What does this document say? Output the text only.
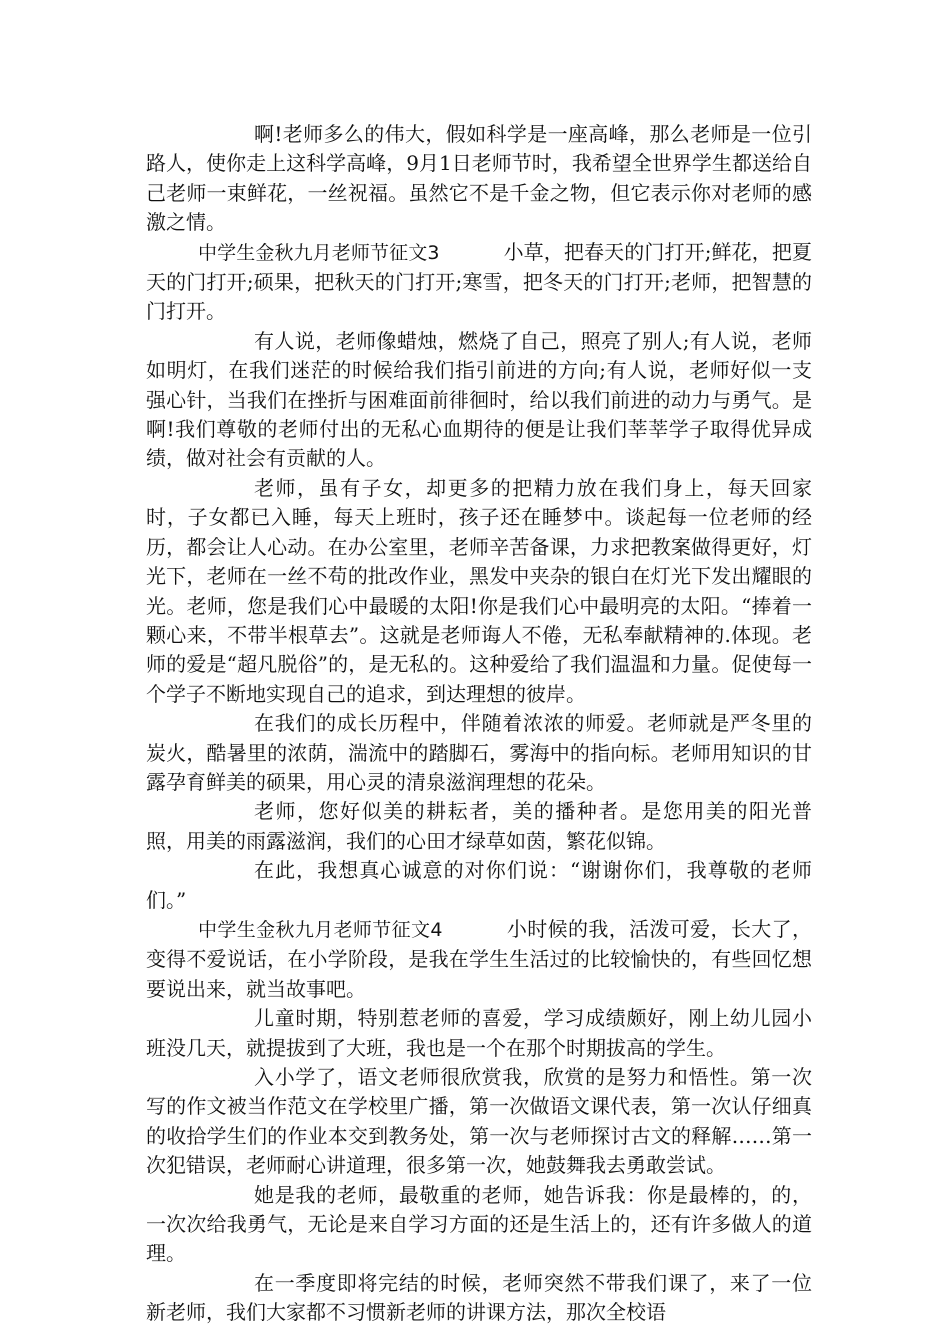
啊!老师多么的伟大，假如科学是一座高峰，那么老师是一位引路人，使你走上这科学高峰，9月1日老师节时，我希望全世界学生都送给自己老师一束鲜花，一丝祝福。虽然它不是千金之物，但它表示你对老师的感激之情。

中学生金秋九月老师节征文3	小草，把春天的门打开;鲜花，把夏天的门打开;硕果，把秋天的门打开;寒雪，把冬天的门打开;老师，把智慧的门打开。

有人说，老师像蜡烛，燃烧了自己，照亮了别人;有人说，老师如明灯，在我们迷茫的时候给我们指引前进的方向;有人说，老师好似一支强心针，当我们在挫折与困难面前徘徊时，给以我们前进的动力与勇气。是啊!我们尊敬的老师付出的无私心血期待的便是让我们莘莘学子取得优异成绩，做对社会有贡献的人。

老师，虽有子女，却更多的把精力放在我们身上，每天回家时，子女都已入睡，每天上班时，孩子还在睡梦中。谈起每一位老师的经历，都会让人心动。在办公室里，老师辛苦备课，力求把教案做得更好，灯光下，老师在一丝不苟的批改作业，黑发中夹杂的银白在灯光下发出耀眼的光。老师，您是我们心中最暖的太阳!你是我们心中最明亮的太阳。“捧着一颗心来，不带半根草去”。这就是老师诲人不倦，无私奉献精神的.体现。老师的爱是“超凡脱俗”的，是无私的。这种爱给了我们温温和力量。促使每一个学子不断地实现自己的追求，到达理想的彼岸。

在我们的成长历程中，伴随着浓浓的师爱。老师就是严冬里的炭火，酷暑里的浓荫，湍流中的踏脚石，雾海中的指向标。老师用知识的甘露孕育鲜美的硕果，用心灵的清泉滋润理想的花朵。

老师，您好似美的耕耘者，美的播种者。是您用美的阳光普照，用美的雨露滋润，我们的心田才绿草如茵，繁花似锦。

在此，我想真心诚意的对你们说：“谢谢你们，我尊敬的老师们。”

中学生金秋九月老师节征文4	小时候的我，活泼可爱，长大了，变得不爱说话，在小学阶段，是我在学生生活过的比较愉快的，有些回忆想要说出来，就当故事吧。

儿童时期，特别惹老师的喜爱，学习成绩颇好，刚上幼儿园小班没几天，就提拔到了大班，我也是一个在那个时期拔高的学生。

入小学了，语文老师很欣赏我，欣赏的是努力和悟性。第一次写的作文被当作范文在学校里广播，第一次做语文课代表，第一次认仔细真的收拾学生们的作业本交到教务处，第一次与老师探讨古文的释解……第一次犯错误，老师耐心讲道理，很多第一次，她鼓舞我去勇敢尝试。

她是我的老师，最敬重的老师，她告诉我：你是最棒的，的，一次次给我勇气，无论是来自学习方面的还是生活上的，还有许多做人的道理。

在一季度即将完结的时候，老师突然不带我们课了，来了一位新老师，我们大家都不习惯新老师的讲课方法，那次全校语
